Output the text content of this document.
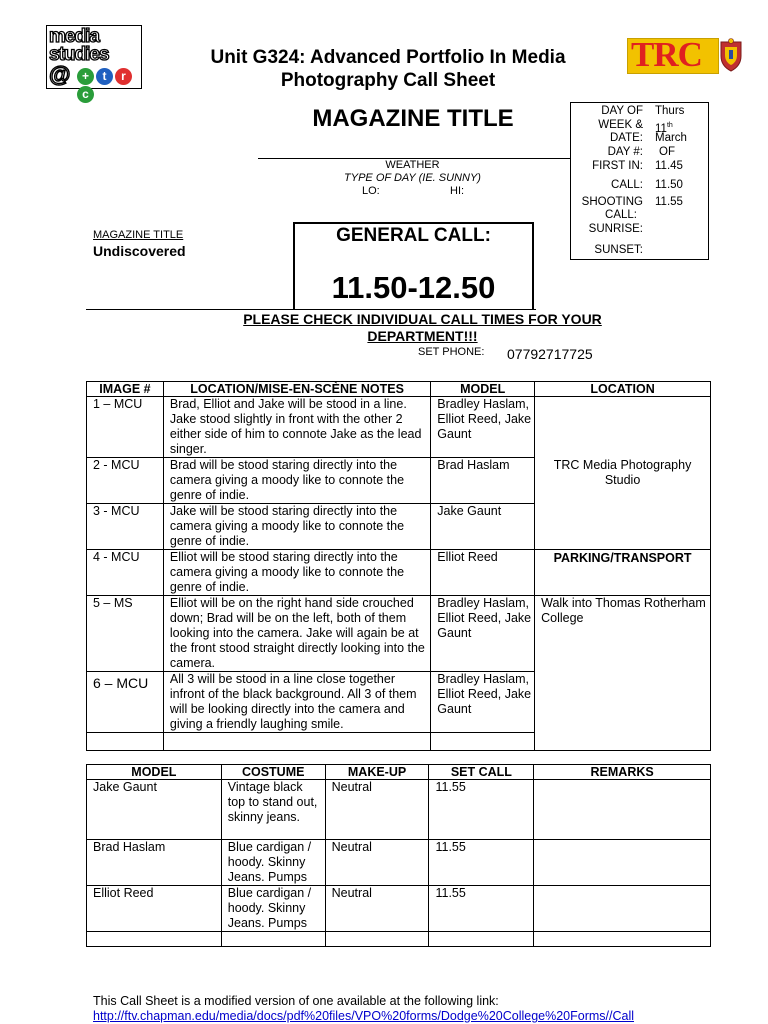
media
studies
@ + t rc
TRC
Unit G324: Advanced Portfolio In Media
Photography Call Sheet
MAGAZINE TITLE
WEATHER
TYPE OF DAY (IE. SUNNY)
LO:	HI:
DAY OF Thurs
WEEK & 11th
DATE: March
DAY #: OF
FIRST IN: 11.45
CALL: 11.50
SHOOTING 11.55
CALL:
SUNRISE:
SUNSET:
MAGAZINE TITLE
Undiscovered
GENERAL CALL:
11.50-12.50
PLEASE CHECK INDIVIDUAL CALL TIMES FOR YOUR
DEPARTMENT!!!
SET PHONE: 07792717725
IMAGE #	LOCATION/MISE-EN-SCÈNE NOTES	MODEL	LOCATION
1 – MCU	Brad, Elliot and Jake will be stood in a line. Jake stood slightly in front with the other 2 either side of him to connote Jake as the lead singer.	Bradley Haslam, Elliot Reed, Jake Gaunt	TRC Media Photography Studio
2 - MCU	Brad will be stood staring directly into the camera giving a moody like to connote the genre of indie.	Brad Haslam	
3 - MCU	Jake will be stood staring directly into the camera giving a moody like to connote the genre of indie.	Jake Gaunt	
4 - MCU	Elliot will be stood staring directly into the camera giving a moody like to connote the genre of indie.	Elliot Reed	PARKING/TRANSPORT
5 – MS	Elliot will be on the right hand side crouched down; Brad will be on the left, both of them looking into the camera. Jake will again be at the front stood straight directly looking into the camera.	Bradley Haslam, Elliot Reed, Jake Gaunt	Walk into Thomas Rotherham College
6 – MCU	All 3 will be stood in a line close together infront of the black background. All 3 of them will be looking directly into the camera and giving a friendly laughing smile.	Bradley Haslam, Elliot Reed, Jake Gaunt	

MODEL	COSTUME	MAKE-UP	SET CALL	REMARKS
Jake Gaunt	Vintage black top to stand out, skinny jeans.	Neutral	11.55	
Brad Haslam	Blue cardigan / hoody. Skinny Jeans. Pumps	Neutral	11.55	
Elliot Reed	Blue cardigan / hoody. Skinny Jeans. Pumps	Neutral	11.55	

This Call Sheet is a modified version of one available at the following link:
http://ftv.chapman.edu/media/docs/pdf%20files/VPO%20forms/Dodge%20College%20Forms//Call
